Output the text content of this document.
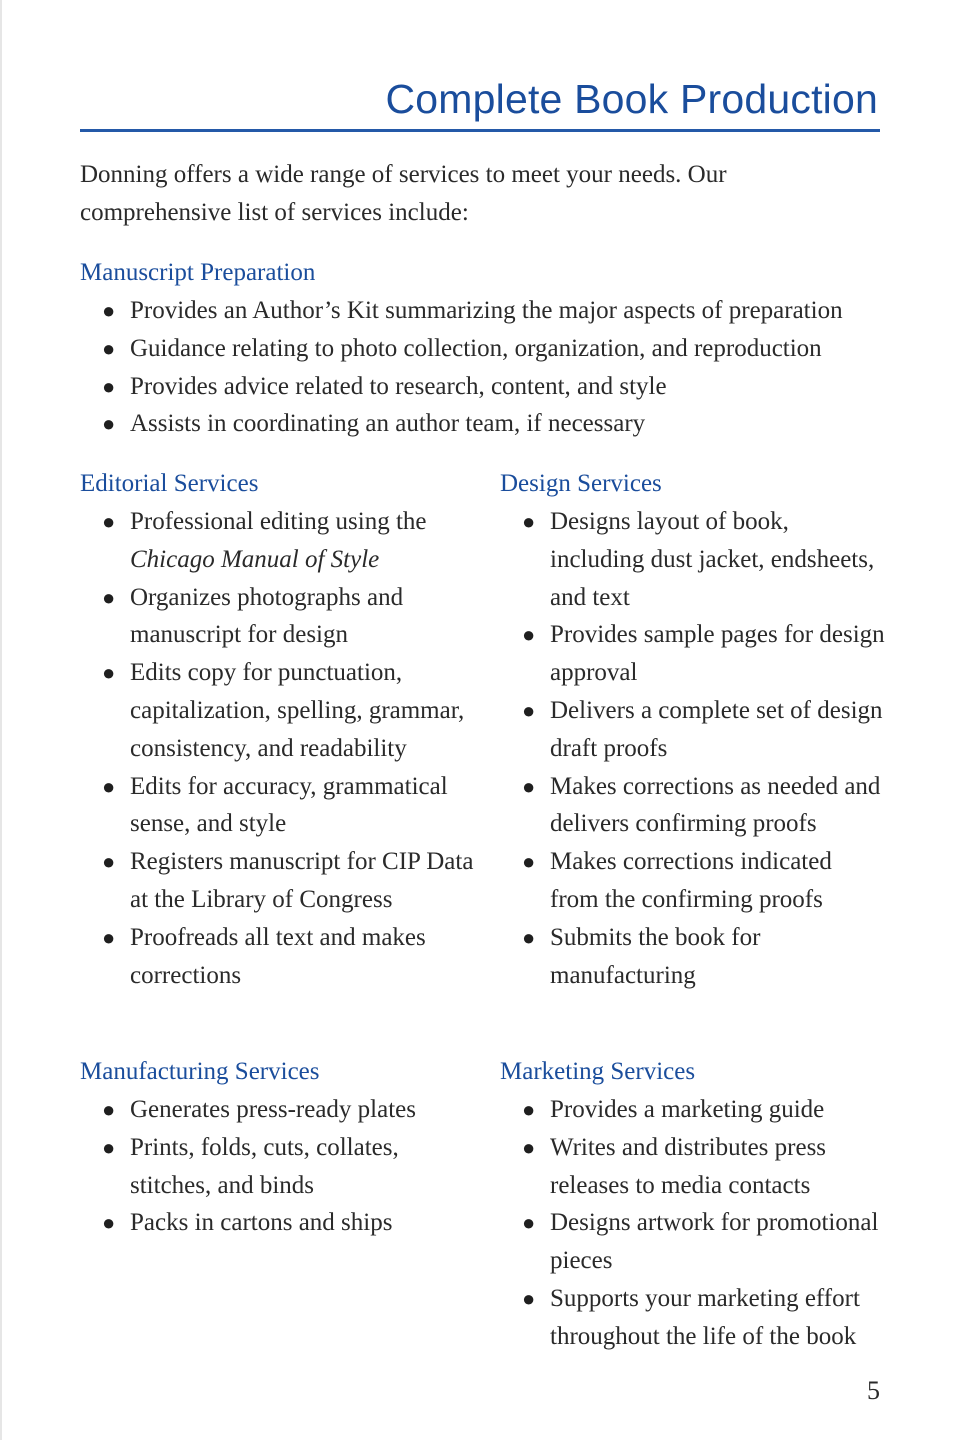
Complete Book Production

Donning offers a wide range of services to meet your needs. Our comprehensive list of services include:

Manuscript Preparation
● Provides an Author’s Kit summarizing the major aspects of preparation
● Guidance relating to photo collection, organization, and reproduction
● Provides advice related to research, content, and style
● Assists in coordinating an author team, if necessary
Editorial Services
● Professional editing using the Chicago Manual of Style
● Organizes photographs and manuscript for design
● Edits copy for punctuation, capitalization, spelling, grammar, consistency, and readability
● Edits for accuracy, grammatical sense, and style
● Registers manuscript for CIP Data at the Library of Congress
● Proofreads all text and makes corrections
Design Services
● Designs layout of book, including dust jacket, endsheets, and text
● Provides sample pages for design approval
● Delivers a complete set of design draft proofs
● Makes corrections as needed and delivers confirming proofs
● Makes corrections indicated from the confirming proofs
● Submits the book for manufacturing
Manufacturing Services
● Generates press-ready plates
● Prints, folds, cuts, collates, stitches, and binds
● Packs in cartons and ships
Marketing Services
● Provides a marketing guide
● Writes and distributes press releases to media contacts
● Designs artwork for promotional pieces
● Supports your marketing effort throughout the life of the book
5
